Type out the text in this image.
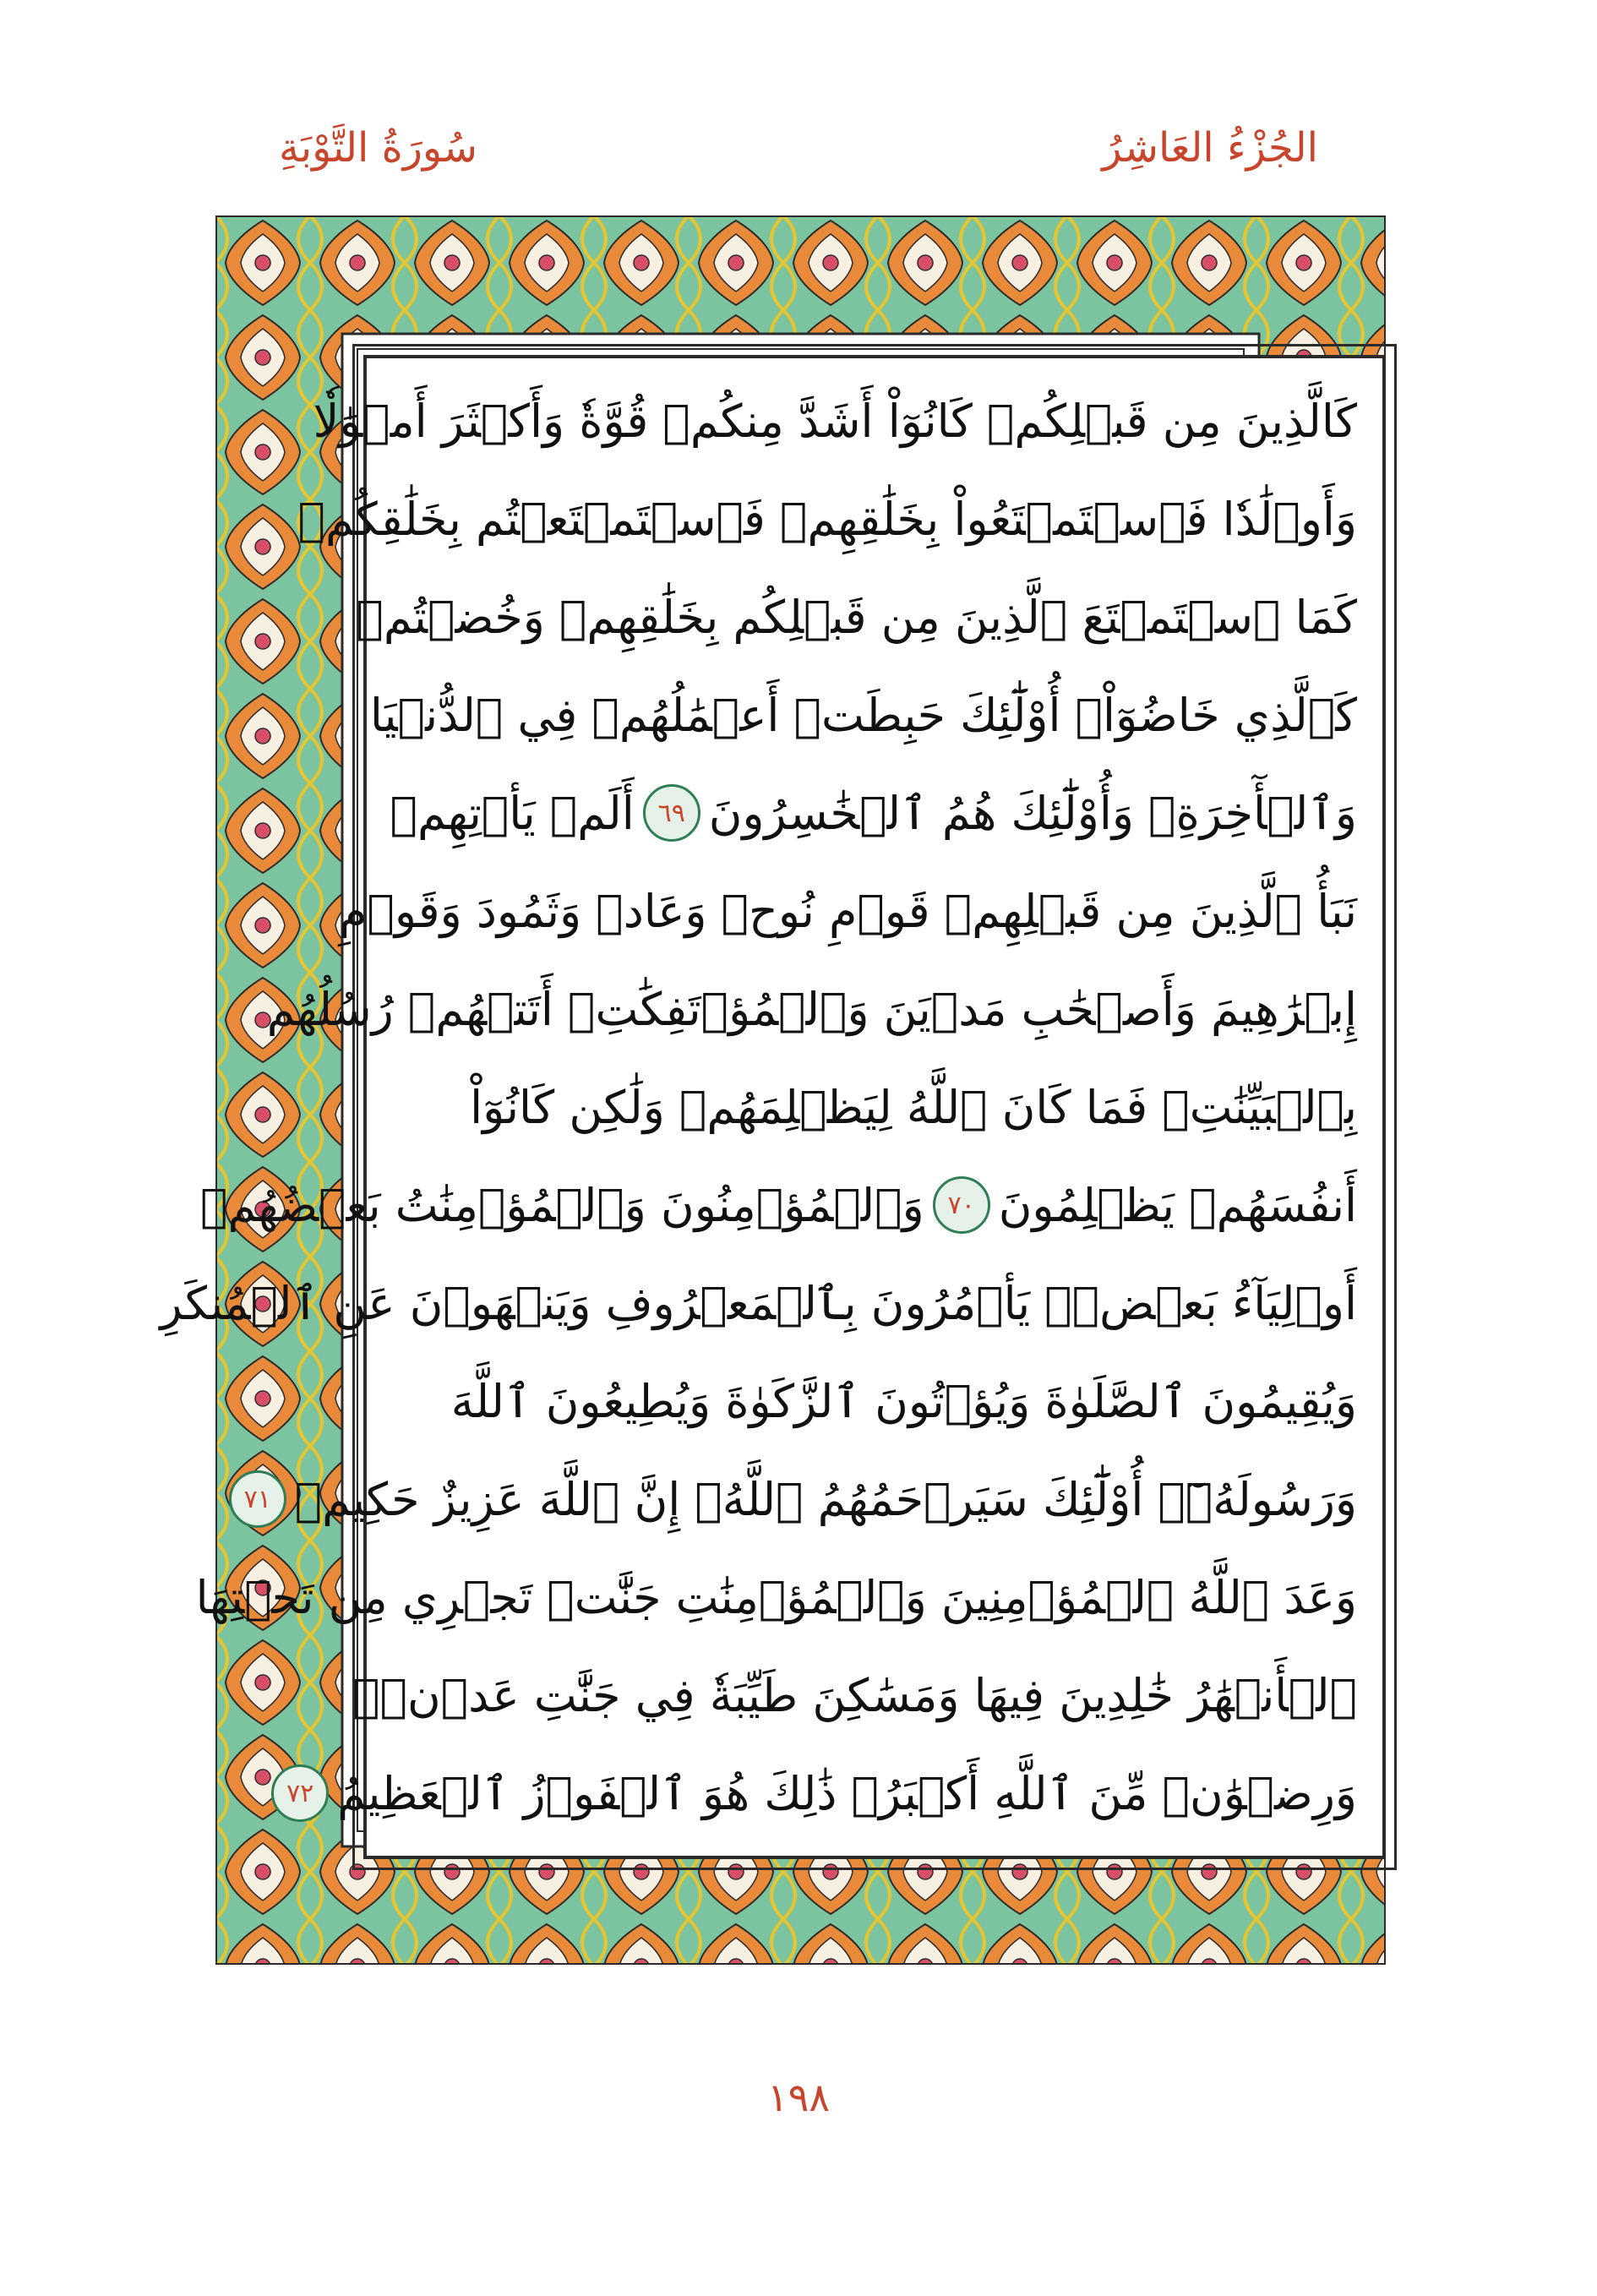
الجُزْءُ العَاشِرُ
سُورَةُ التَّوْبَةِ
كَالَّذِينَ مِن قَبۡلِكُمۡ كَانُوٓاْ أَشَدَّ مِنكُمۡ قُوَّةٗ وَأَكۡثَرَ أَمۡوَٰلٗا
وَأَوۡلَٰدٗا فَٱسۡتَمۡتَعُواْ بِخَلَٰقِهِمۡ فَٱسۡتَمۡتَعۡتُم بِخَلَٰقِكُمۡ
كَمَا ٱسۡتَمۡتَعَ ٱلَّذِينَ مِن قَبۡلِكُم بِخَلَٰقِهِمۡ وَخُضۡتُمۡ
كَٱلَّذِي خَاضُوٓاْۚ أُوْلَٰٓئِكَ حَبِطَتۡ أَعۡمَٰلُهُمۡ فِي ٱلدُّنۡيَا
وَٱلۡأٓخِرَةِۖ وَأُوْلَٰٓئِكَ هُمُ ٱلۡخَٰسِرُونَ
٦٩
أَلَمۡ يَأۡتِهِمۡ
نَبَأُ ٱلَّذِينَ مِن قَبۡلِهِمۡ قَوۡمِ نُوحٖ وَعَادٖ وَثَمُودَ وَقَوۡمِ
إِبۡرَٰهِيمَ وَأَصۡحَٰبِ مَدۡيَنَ وَٱلۡمُؤۡتَفِكَٰتِۚ أَتَتۡهُمۡ رُسُلُهُم
بِٱلۡبَيِّنَٰتِۖ فَمَا كَانَ ٱللَّهُ لِيَظۡلِمَهُمۡ وَلَٰكِن كَانُوٓاْ
أَنفُسَهُمۡ يَظۡلِمُونَ
٧٠
وَٱلۡمُؤۡمِنُونَ وَٱلۡمُؤۡمِنَٰتُ بَعۡضُهُمۡ
أَوۡلِيَآءُ بَعۡضٖۚ يَأۡمُرُونَ بِٱلۡمَعۡرُوفِ وَيَنۡهَوۡنَ عَنِ ٱلۡمُنكَرِ
وَيُقِيمُونَ ٱلصَّلَوٰةَ وَيُؤۡتُونَ ٱلزَّكَوٰةَ وَيُطِيعُونَ ٱللَّهَ
وَرَسُولَهُۥٓۚ أُوْلَٰٓئِكَ سَيَرۡحَمُهُمُ ٱللَّهُۗ إِنَّ ٱللَّهَ عَزِيزٌ حَكِيمٞ
٧١
وَعَدَ ٱللَّهُ ٱلۡمُؤۡمِنِينَ وَٱلۡمُؤۡمِنَٰتِ جَنَّٰتٖ تَجۡرِي مِن تَحۡتِهَا
ٱلۡأَنۡهَٰرُ خَٰلِدِينَ فِيهَا وَمَسَٰكِنَ طَيِّبَةٗ فِي جَنَّٰتِ عَدۡنٖۚ
وَرِضۡوَٰنٞ مِّنَ ٱللَّهِ أَكۡبَرُۚ ذَٰلِكَ هُوَ ٱلۡفَوۡزُ ٱلۡعَظِيمُ
٧٢
١٩٨
